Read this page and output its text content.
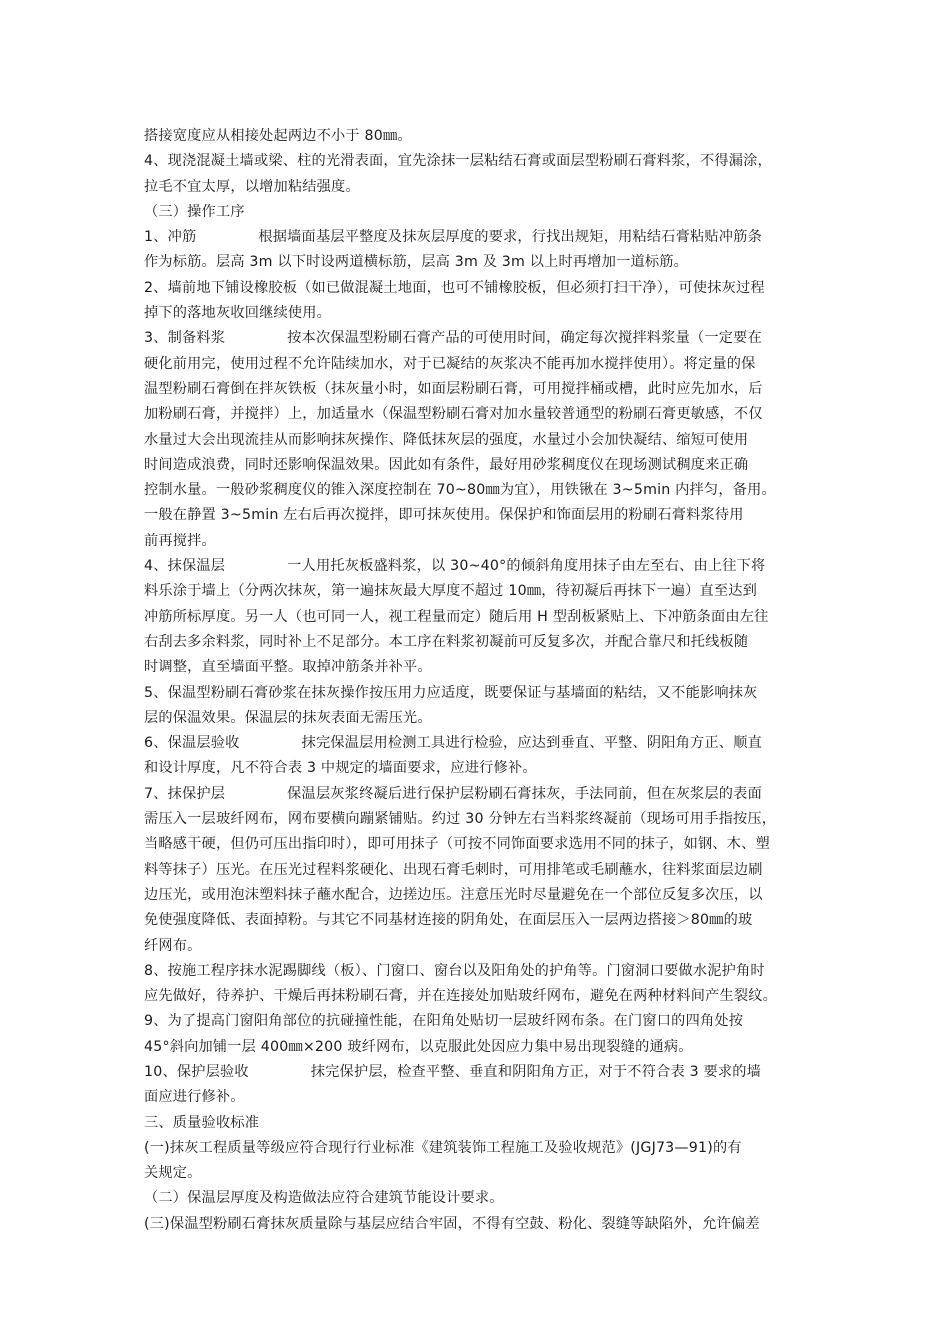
搭接宽度应从相接处起两边不小于 80㎜。
4、现浇混凝土墙或梁、柱的光滑表面，宜先涂抹一层粘结石膏或面层型粉刷石膏料浆，不得漏涂，
拉毛不宜太厚，以增加粘结强度。
（三）操作工序
1、冲筋	根据墙面基层平整度及抹灰层厚度的要求，行找出规矩，用粘结石膏粘贴冲筋条
作为标筋。层高 3m 以下时设两道横标筋，层高 3m 及 3m 以上时再增加一道标筋。
2、墙前地下铺设橡胶板（如已做混凝土地面，也可不铺橡胶板，但必须打扫干净），可使抹灰过程
掉下的落地灰收回继续使用。
3、制备料浆	按本次保温型粉刷石膏产品的可使用时间，确定每次搅拌料浆量（一定要在
硬化前用完，使用过程不允许陆续加水，对于已凝结的灰浆决不能再加水搅拌使用）。将定量的保
温型粉刷石膏倒在拌灰铁板（抹灰量小时，如面层粉刷石膏，可用搅拌桶或槽，此时应先加水，后
加粉刷石膏，并搅拌）上，加适量水（保温型粉刷石膏对加水量较普通型的粉刷石膏更敏感，不仅
水量过大会出现流挂从而影响抹灰操作、降低抹灰层的强度，水量过小会加快凝结、缩短可使用
时间造成浪费，同时还影响保温效果。因此如有条件，最好用砂浆稠度仪在现场测试稠度来正确
控制水量。一般砂浆稠度仪的锥入深度控制在 70~80㎜为宜），用铁锹在 3~5min 内拌匀，备用。
一般在静置 3~5min 左右后再次搅拌，即可抹灰使用。保保护和饰面层用的粉刷石膏料浆待用
前再搅拌。
4、抹保温层	一人用托灰板盛料浆，以 30~40°的倾斜角度用抹子由左至右、由上往下将
料乐涂于墙上（分两次抹灰，第一遍抹灰最大厚度不超过 10㎜，待初凝后再抹下一遍）直至达到
冲筋所标厚度。另一人（也可同一人，视工程量而定）随后用 H 型刮板紧贴上、下冲筋条面由左往
右刮去多余料浆，同时补上不足部分。本工序在料浆初凝前可反复多次，并配合靠尺和托线板随
时调整，直至墙面平整。取掉冲筋条并补平。
5、保温型粉刷石膏砂浆在抹灰操作按压用力应适度，既要保证与基墙面的粘结，又不能影响抹灰
层的保温效果。保温层的抹灰表面无需压光。
6、保温层验收	抹完保温层用检测工具进行检验，应达到垂直、平整、阴阳角方正、顺直
和设计厚度，凡不符合表 3 中规定的墙面要求，应进行修补。
7、抹保护层	保温层灰浆终凝后进行保护层粉刷石膏抹灰，手法同前，但在灰浆层的表面
需压入一层玻纤网布，网布要横向蹦紧铺贴。约过 30 分钟左右当料浆终凝前（现场可用手指按压，
当略感干硬，但仍可压出指印时），即可用抹子（可按不同饰面要求选用不同的抹子，如钢、木、塑
料等抹子）压光。在压光过程料浆硬化、出现石膏毛刺时，可用排笔或毛刷蘸水，往料浆面层边刷
边压光，或用泡沫塑料抹子蘸水配合，边搓边压。注意压光时尽量避免在一个部位反复多次压，以
免使强度降低、表面掉粉。与其它不同基材连接的阴角处，在面层压入一层两边搭接＞80㎜的玻
纤网布。
8、按施工程序抹水泥踢脚线（板）、门窗口、窗台以及阳角处的护角等。门窗洞口要做水泥护角时
应先做好，待养护、干燥后再抹粉刷石膏，并在连接处加贴玻纤网布，避免在两种材料间产生裂纹。
9、为了提高门窗阳角部位的抗碰撞性能，在阳角处贴切一层玻纤网布条。在门窗口的四角处按
45°斜向加铺一层 400㎜×200 玻纤网布，以克服此处因应力集中易出现裂缝的通病。
10、保护层验收	抹完保护层，检查平整、垂直和阴阳角方正，对于不符合表 3 要求的墙
面应进行修补。
三、质量验收标准
(一)抹灰工程质量等级应符合现行行业标准《建筑装饰工程施工及验收规范》(JGJ73—91)的有
关规定。
（二）保温层厚度及构造做法应符合建筑节能设计要求。
(三)保温型粉刷石膏抹灰质量除与基层应结合牢固，不得有空鼓、粉化、裂缝等缺陷外，允许偏差
